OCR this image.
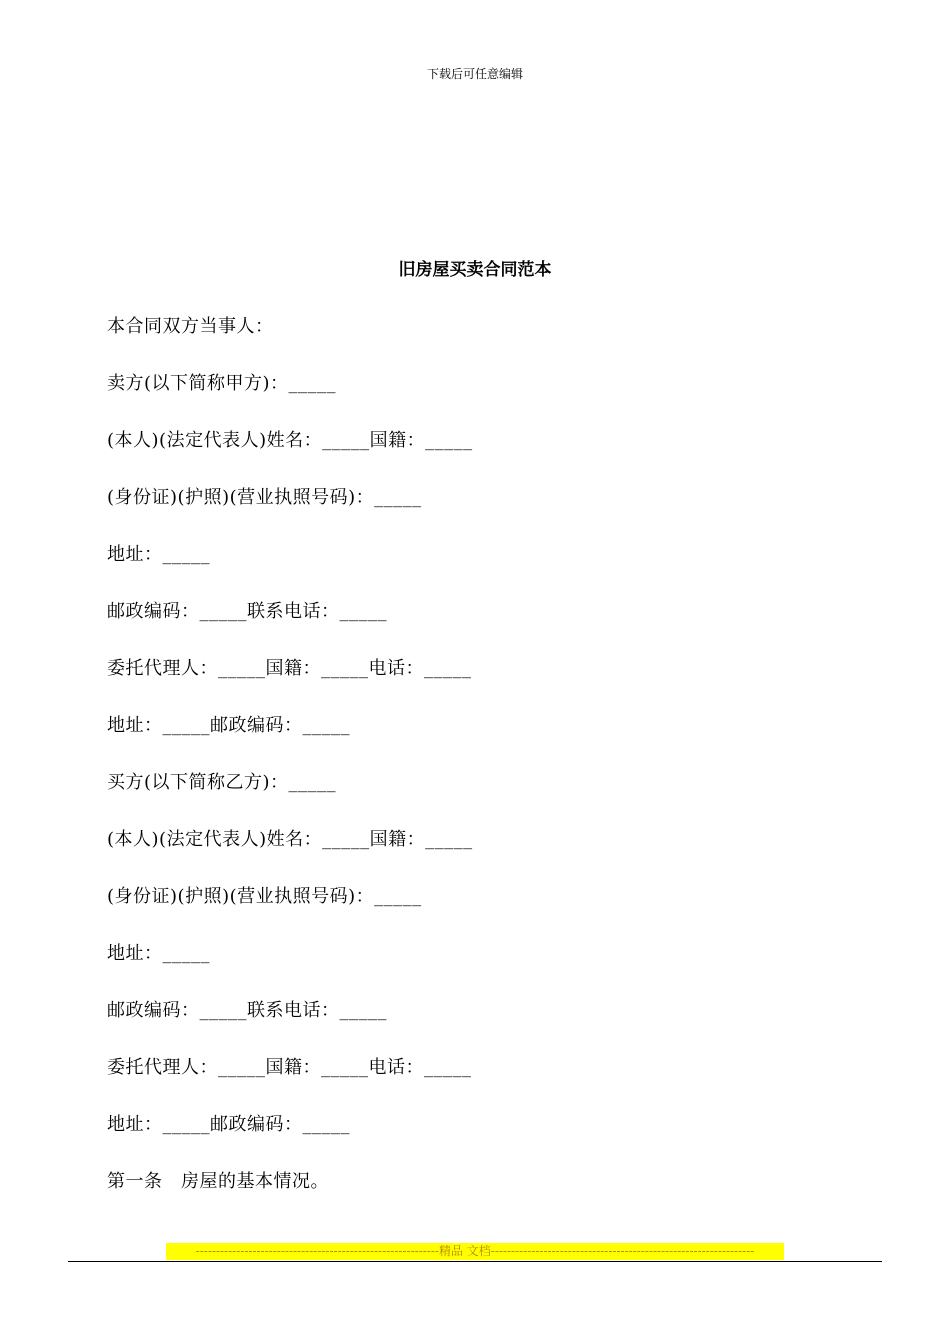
下载后可任意编辑
旧房屋买卖合同范本
本合同双方当事人：
卖方(以下简称甲方)：_____
(本人)(法定代表人)姓名：_____国籍：_____
(身份证)(护照)(营业执照号码)：_____
地址：_____
邮政编码：_____联系电话：_____
委托代理人：_____国籍：_____电话：_____
地址：_____邮政编码：_____
买方(以下简称乙方)：_____
(本人)(法定代表人)姓名：_____国籍：_____
(身份证)(护照)(营业执照号码)：_____
地址：_____
邮政编码：_____联系电话：_____
委托代理人：_____国籍：_____电话：_____
地址：_____邮政编码：_____
第一条　房屋的基本情况。
------------------------------------------------------------精品 文档-----------------------------------------------------------------
